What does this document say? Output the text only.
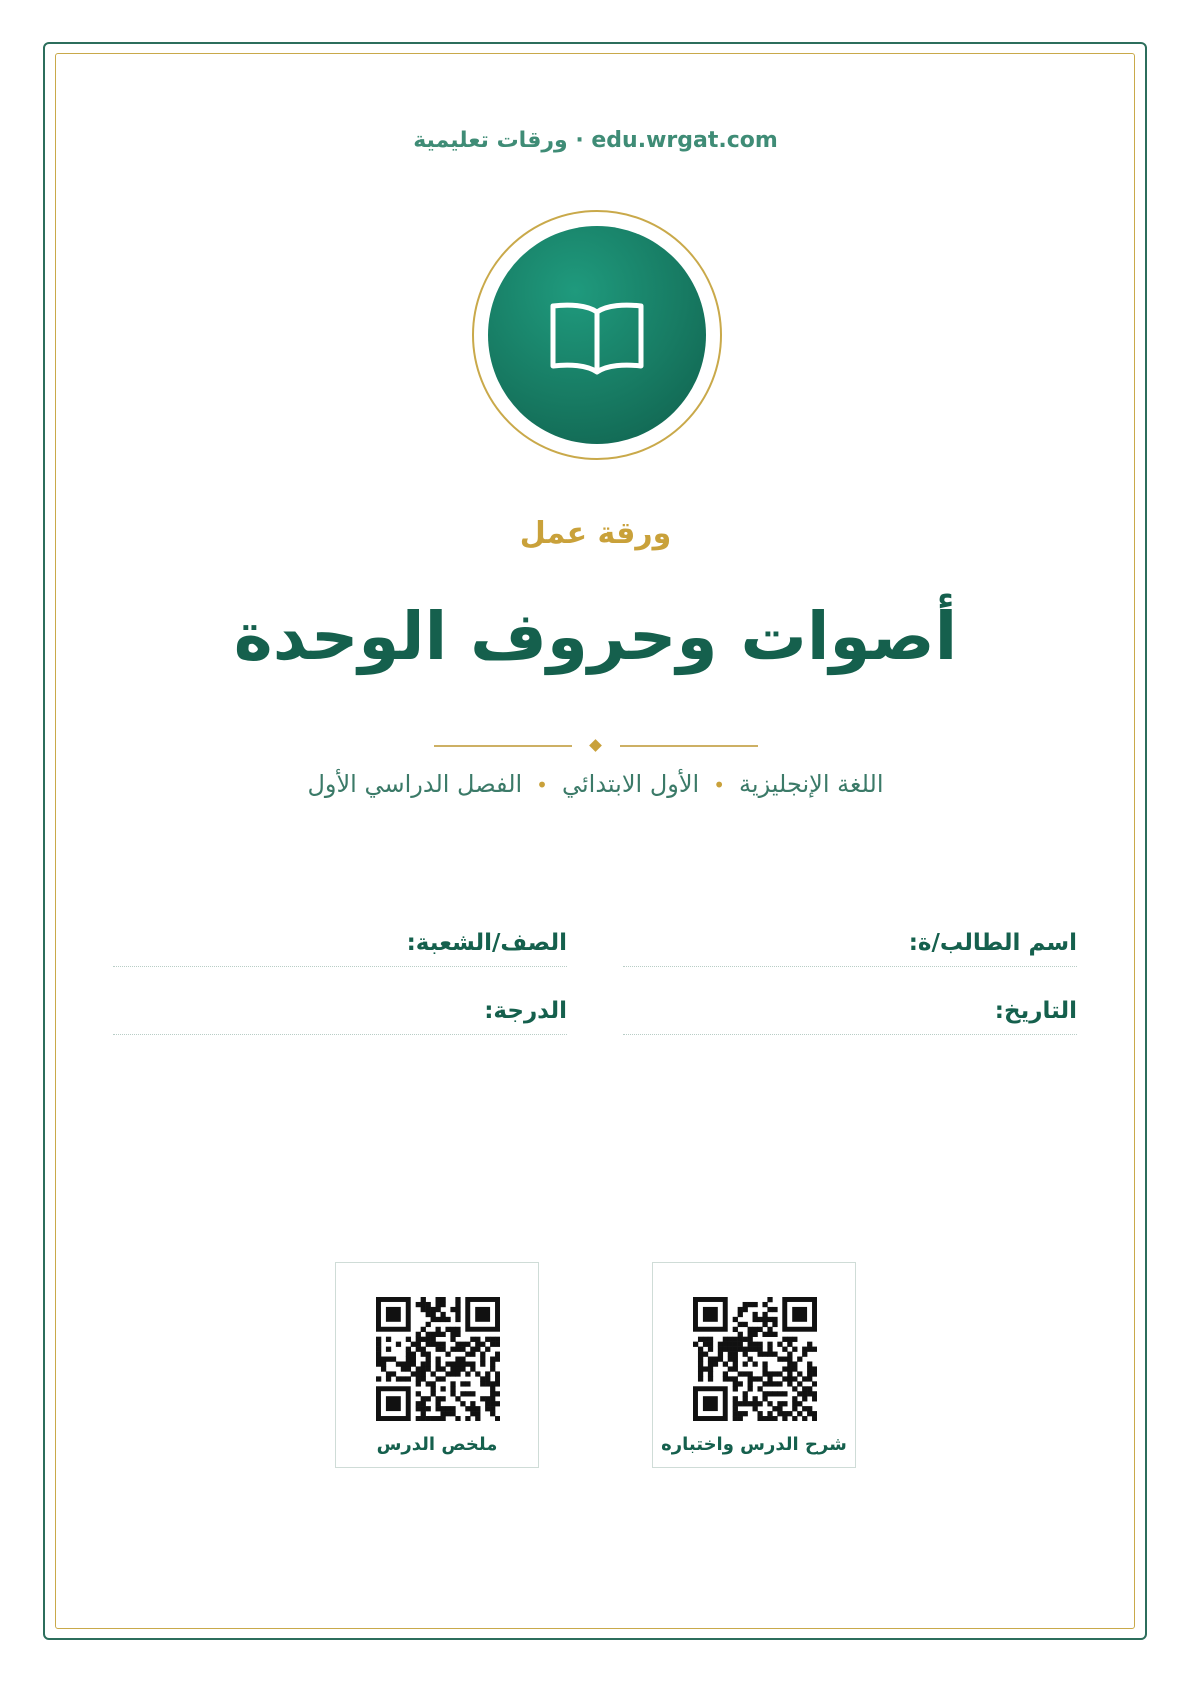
edu.wrgat.com · ورقات تعليمية
ورقة عمل
أصوات وحروف الوحدة
اللغة الإنجليزية•الأول الابتدائي•الفصل الدراسي الأول
اسم الطالب/ة:
الصف/الشعبة:
التاريخ:
الدرجة:
شرح الدرس واختباره
ملخص الدرس
